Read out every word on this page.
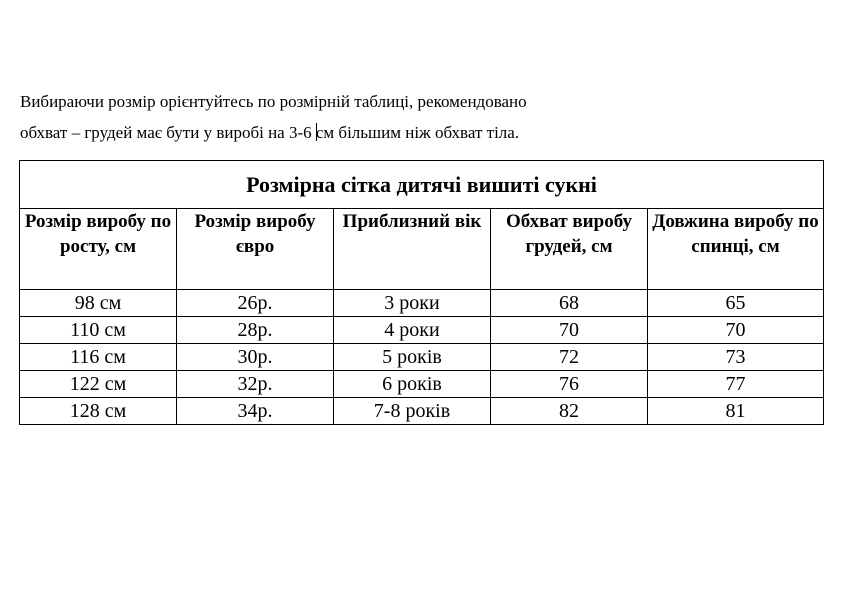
Вибираючи розмір орієнтуйтесь по розмірній таблиці, рекомендовано

обхват – грудей має бути у виробі на 3-6 см більшим ніж обхват тіла.

Розмірна сітка дитячі вишиті сукні				
Розмір виробу по росту, см	Розмір виробу євро	Приблизний вік	Обхват виробу грудей, см	Довжина виробу по спинці, см
98 см	26р.	3 роки	68	65
110 см	28р.	4 роки	70	70
116 см	30р.	5 років	72	73
122 см	32р.	6 років	76	77
128 см	34р.	7-8 років	82	81
